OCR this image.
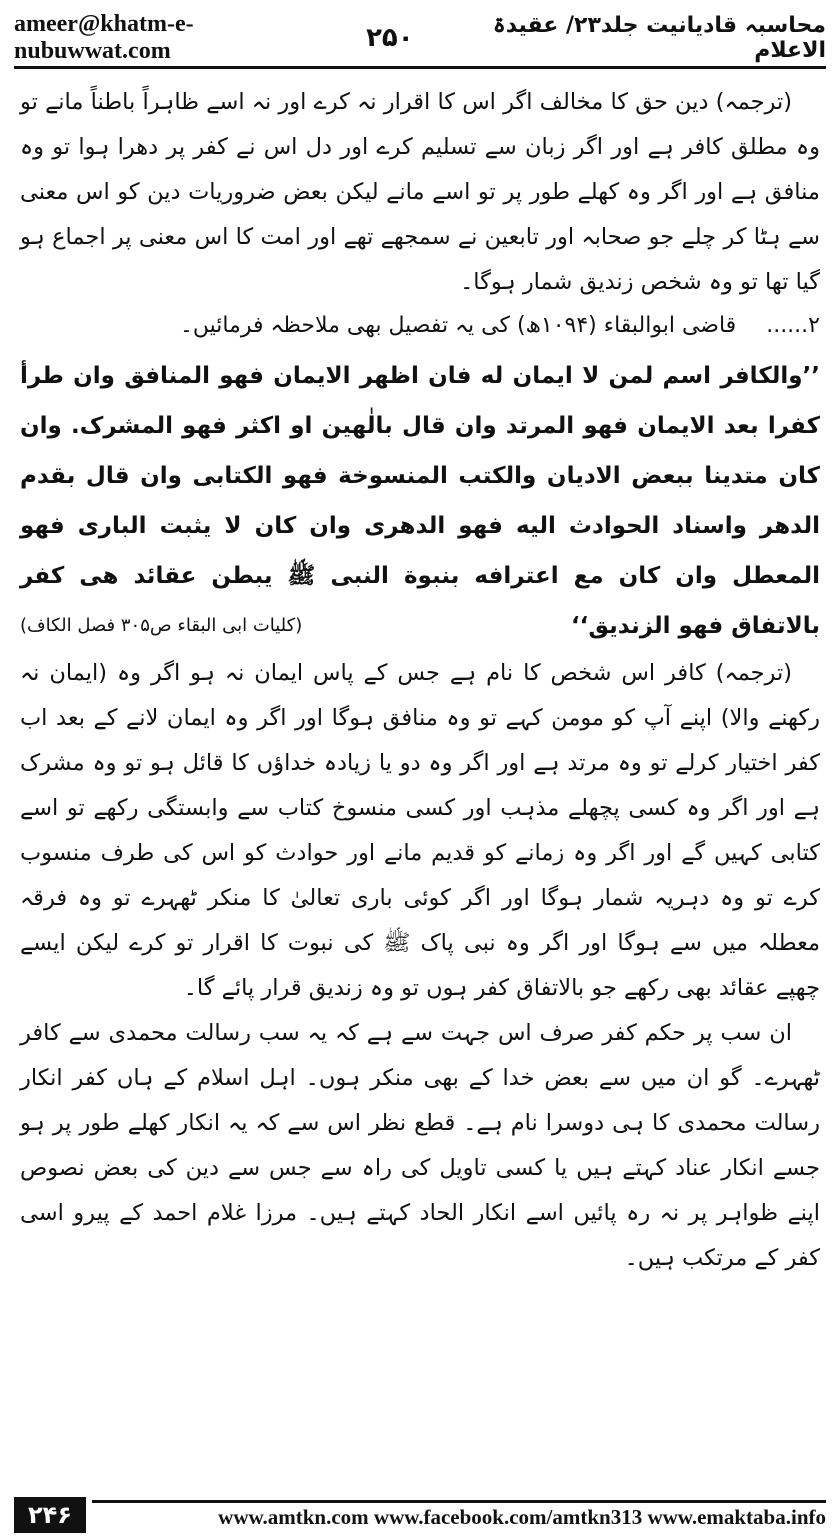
ameer@khatm-e-nubuwwat.com	۲۵۰	محاسبہ قادیانیت جلد۲۳/ عقیدۃ الاعلام

(ترجمہ) دین حق کا مخالف اگر اس کا اقرار نہ کرے اور نہ اسے ظاہراً باطناً مانے تو وہ مطلق کافر ہے اور اگر زبان سے تسلیم کرے اور دل اس نے کفر پر دھرا ہوا تو وہ منافق ہے اور اگر وہ کھلے طور پر تو اسے مانے لیکن بعض ضروریات دین کو اس معنی سے ہٹا کر چلے جو صحابہ اور تابعین نے سمجھے تھے اور امت کا اس معنی پر اجماع ہو گیا تھا تو وہ شخص زندیق شمار ہوگا۔

۲......
قاضی ابوالبقاء (۱۰۹۴ھ) کی یہ تفصیل بھی ملاحظہ فرمائیں۔

’’والکافر اسم لمن لا ایمان له فان اظهر الایمان فهو المنافق وان طرأ کفرا بعد الایمان فهو المرتد وان قال بالٰهین او اکثر فهو المشرک. وان کان متدینا ببعض الادیان والکتب المنسوخة فهو الکتابی وان قال بقدم الدهر واسناد الحوادث الیه فهو الدهری وان کان لا یثبت الباری فهو المعطل وان کان مع اعترافه بنبوة النبی ﷺ یبطن عقائد هی کفر بالاتفاق فهو الزندیق‘‘
(کلیات ابی البقاء ص۳۰۵ فصل الکاف)

(ترجمہ) کافر اس شخص کا نام ہے جس کے پاس ایمان نہ ہو اگر وہ (ایمان نہ رکھنے والا) اپنے آپ کو مومن کہے تو وہ منافق ہوگا اور اگر وہ ایمان لانے کے بعد اب کفر اختیار کرلے تو وہ مرتد ہے اور اگر وہ دو یا زیادہ خداؤں کا قائل ہو تو وہ مشرک ہے اور اگر وہ کسی پچھلے مذہب اور کسی منسوخ کتاب سے وابستگی رکھے تو اسے کتابی کہیں گے اور اگر وہ زمانے کو قدیم مانے اور حوادث کو اس کی طرف منسوب کرے تو وہ دہریہ شمار ہوگا اور اگر کوئی باری تعالیٰ کا منکر ٹھہرے تو وہ فرقہ معطلہ میں سے ہوگا اور اگر وہ نبی پاک ﷺ کی نبوت کا اقرار تو کرے لیکن ایسے چھپے عقائد بھی رکھے جو بالاتفاق کفر ہوں تو وہ زندیق قرار پائے گا۔

ان سب پر حکم کفر صرف اس جہت سے ہے کہ یہ سب رسالت محمدی سے کافر ٹھہرے۔ گو ان میں سے بعض خدا کے بھی منکر ہوں۔ اہل اسلام کے ہاں کفر انکار رسالت محمدی کا ہی دوسرا نام ہے۔ قطع نظر اس سے کہ یہ انکار کھلے طور پر ہو جسے انکار عناد کہتے ہیں یا کسی تاویل کی راہ سے جس سے دین کی بعض نصوص اپنے ظواہر پر نہ رہ پائیں اسے انکار الحاد کہتے ہیں۔ مرزا غلام احمد کے پیرو اسی کفر کے مرتکب ہیں۔

۲۴۶	www.amtkn.com www.facebook.com/amtkn313 www.emaktaba.info
